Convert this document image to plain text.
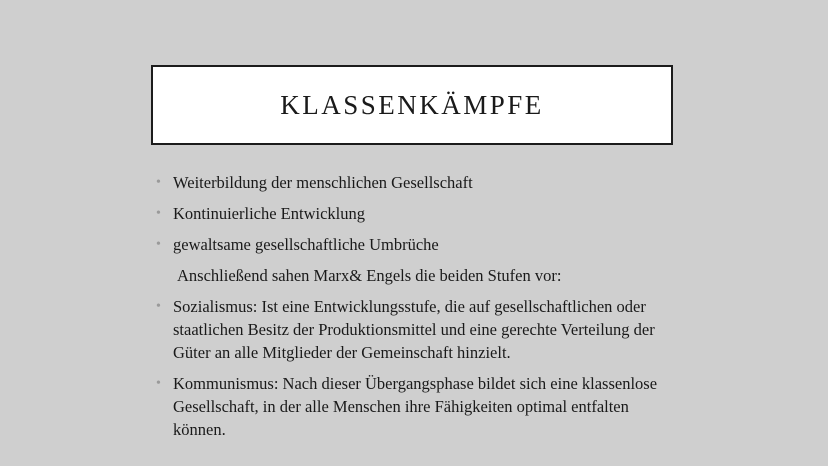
KLASSENKÄMPFE
• Weiterbildung der menschlichen Gesellschaft
• Kontinuierliche Entwicklung
• gewaltsame gesellschaftliche Umbrüche
Anschließend sahen Marx& Engels die beiden Stufen vor:
• Sozialismus: Ist eine Entwicklungsstufe, die auf gesellschaftlichen oder staatlichen Besitz der Produktionsmittel und eine gerechte Verteilung der Güter an alle Mitglieder der Gemeinschaft hinzielt.
• Kommunismus: Nach dieser Übergangsphase bildet sich eine klassenlose Gesellschaft, in der alle Menschen ihre Fähigkeiten optimal entfalten können.
